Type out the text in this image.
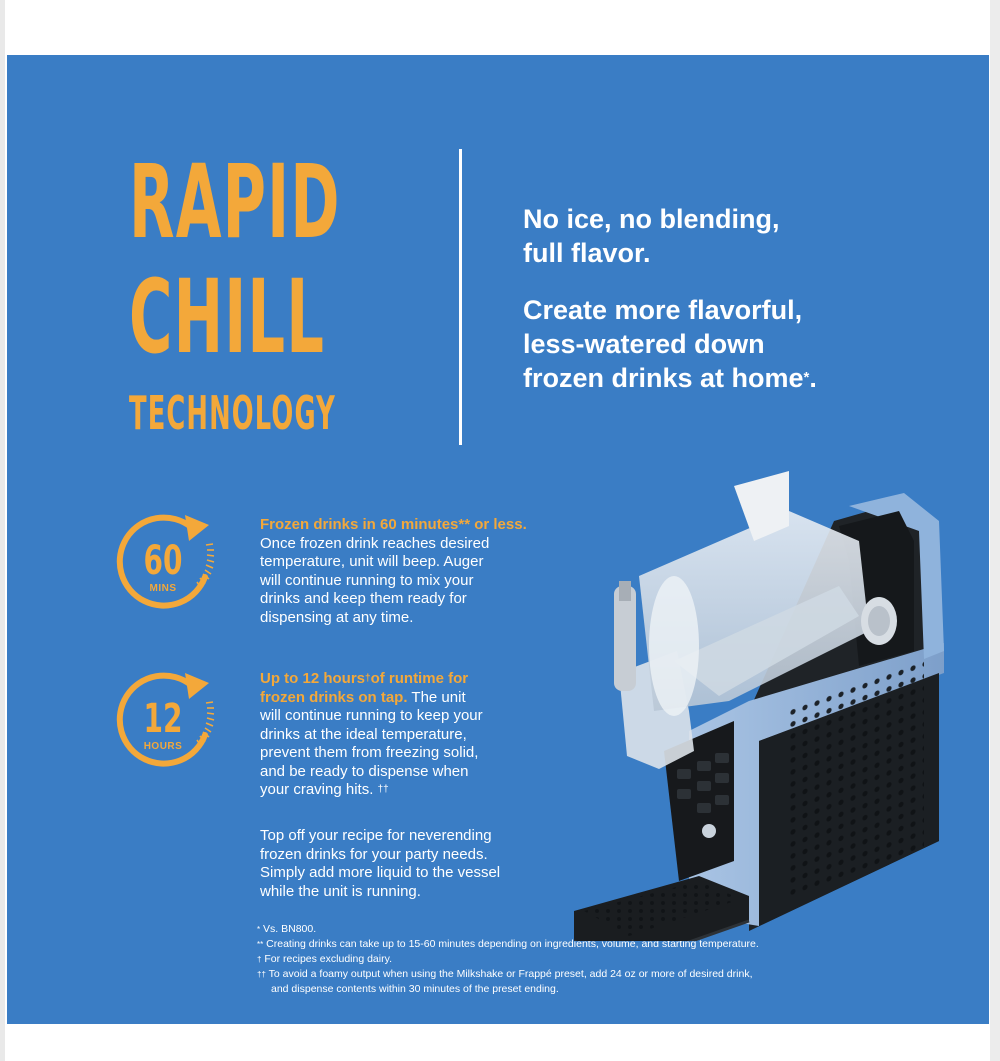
RAPID
CHILL
TECHNOLOGY
No ice, no blending,
full flavor.
Create more flavorful,
less-watered down
frozen drinks at home*.
60
MINS
12
HOURS
Frozen drinks in 60 minutes** or less.
Once frozen drink reaches desired
temperature, unit will beep. Auger
will continue running to mix your
drinks and keep them ready for
dispensing at any time.
Up to 12 hours†of runtime for
frozen drinks on tap. The unit
will continue running to keep your
drinks at the ideal temperature,
prevent them from freezing solid,
and be ready to dispense when
your craving hits. ††
Top off your recipe for neverending
frozen drinks for your party needs.
Simply add more liquid to the vessel
while the unit is running.
* Vs. BN800.
** Creating drinks can take up to 15-60 minutes depending on ingredients, volume, and starting temperature.
† For recipes excluding dairy.
†† To avoid a foamy output when using the Milkshake or Frappé preset, add 24 oz or more of desired drink,
and dispense contents within 30 minutes of the preset ending.
